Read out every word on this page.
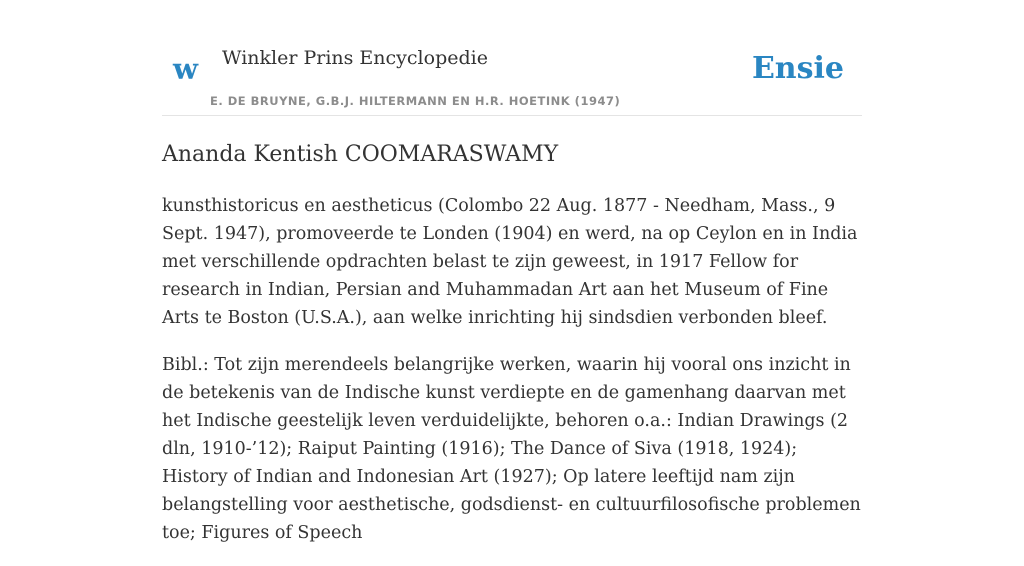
w Winkler Prins Encyclopedie
E. DE BRUYNE, G.B.J. HILTERMANN EN H.R. HOETINK (1947)
Ensie
Ananda Kentish COOMARASWAMY

kunsthistoricus en aestheticus (Colombo 22 Aug. 1877 - Needham, Mass., 9 Sept. 1947), promoveerde te Londen (1904) en werd, na op Ceylon en in India met verschillende opdrachten belast te zijn geweest, in 1917 Fellow for research in Indian, Persian and Muhammadan Art aan het Museum of Fine Arts te Boston (U.S.A.), aan welke inrichting hij sindsdien verbonden bleef.

Bibl.: Tot zijn merendeels belangrijke werken, waarin hij vooral ons inzicht in de betekenis van de Indische kunst verdiepte en de gamenhang daarvan met het Indische geestelijk leven verduidelijkte, behoren o.a.: Indian Drawings (2 dln, 1910-’12); Raiput Painting (1916); The Dance of Siva (1918, 1924); History of Indian and Indonesian Art (1927); Op latere leeftijd nam zijn belangstelling voor aesthetische, godsdienst- en cultuurfilosofische problemen toe; Figures of Speech
